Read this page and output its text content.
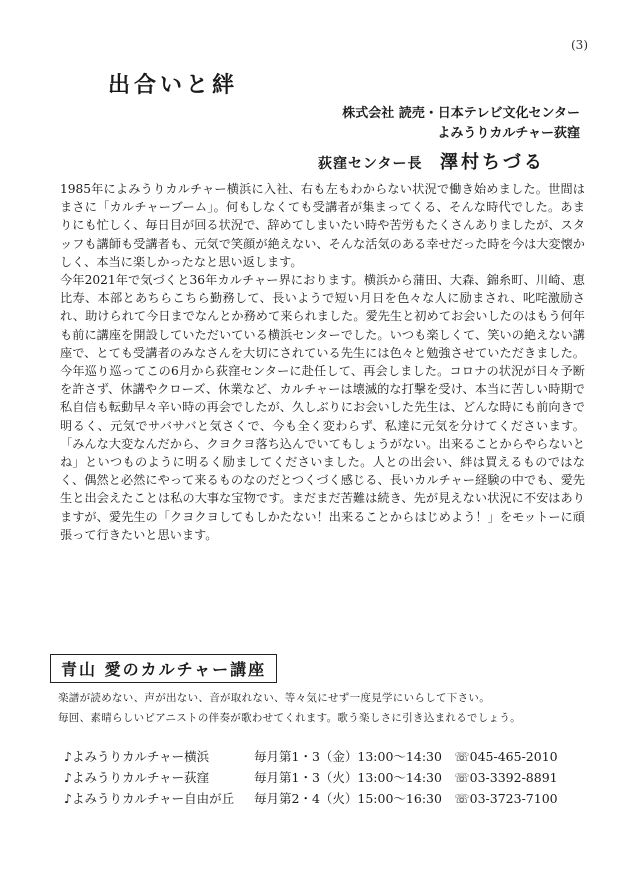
(3)
出合いと絆
株式会社 読売・日本テレビ文化センター
よみうりカルチャー荻窪
荻窪センター長 澤村ちづる

1985年によみうりカルチャー横浜に入社、右も左もわからない状況で働き始めました。世間はまさに「カルチャーブーム」。何もしなくても受講者が集まってくる、そんな時代でした。あまりにも忙しく、毎日目が回る状況で、辞めてしまいたい時や苦労もたくさんありましたが、スタッフも講師も受講者も、元気で笑顔が絶えない、そんな活気のある幸せだった時を今は大変懐かしく、本当に楽しかったなと思い返します。

今年2021年で気づくと36年カルチャー界におります。横浜から蒲田、大森、錦糸町、川崎、恵比寿、本部とあちらこちら勤務して、長いようで短い月日を色々な人に励まされ、叱咤激励され、助けられて今日までなんとか務めて来られました。愛先生と初めてお会いしたのはもう何年も前に講座を開設していただいている横浜センターでした。いつも楽しくて、笑いの絶えない講座で、とても受講者のみなさんを大切にされている先生には色々と勉強させていただきました。今年巡り巡ってこの6月から荻窪センターに赴任して、再会しました。コロナの状況が日々予断を許さず、休講やクローズ、休業など、カルチャーは壊滅的な打撃を受け、本当に苦しい時期で私自信も転動早々辛い時の再会でしたが、久しぶりにお会いした先生は、どんな時にも前向きで明るく、元気でサバサバと気さくで、今も全く変わらず、私達に元気を分けてくださいます。「みんな大変なんだから、クヨクヨ落ち込んでいてもしょうがない。出来ることからやらないとね」といつものように明るく励ましてくださいました。人との出会い、絆は買えるものではなく、偶然と必然にやって来るものなのだとつくづく感じる、長いカルチャー経験の中でも、愛先生と出会えたことは私の大事な宝物です。まだまだ苦難は続き、先が見えない状況に不安はありますが、愛先生の「クヨクヨしてもしかたない！出来ることからはじめよう！」をモットーに頑張って行きたいと思います。

青山 愛のカルチャー講座

楽譜が読めない、声が出ない、音が取れない、等々気にせず一度見学にいらして下さい。

毎回、素晴らしいピアニストの伴奏が歌わせてくれます。歌う楽しさに引き込まれるでしょう。

♪よみうりカルチャー横浜	毎月第1・3（金）13:00～14:30 ☏ 045-465-2010
♪よみうりカルチャー荻窪	毎月第1・3（火）13:00～14:30 ☏ 03-3392-8891
♪よみうりカルチャー自由が丘	毎月第2・4（火）15:00～16:30 ☏ 03-3723-7100
